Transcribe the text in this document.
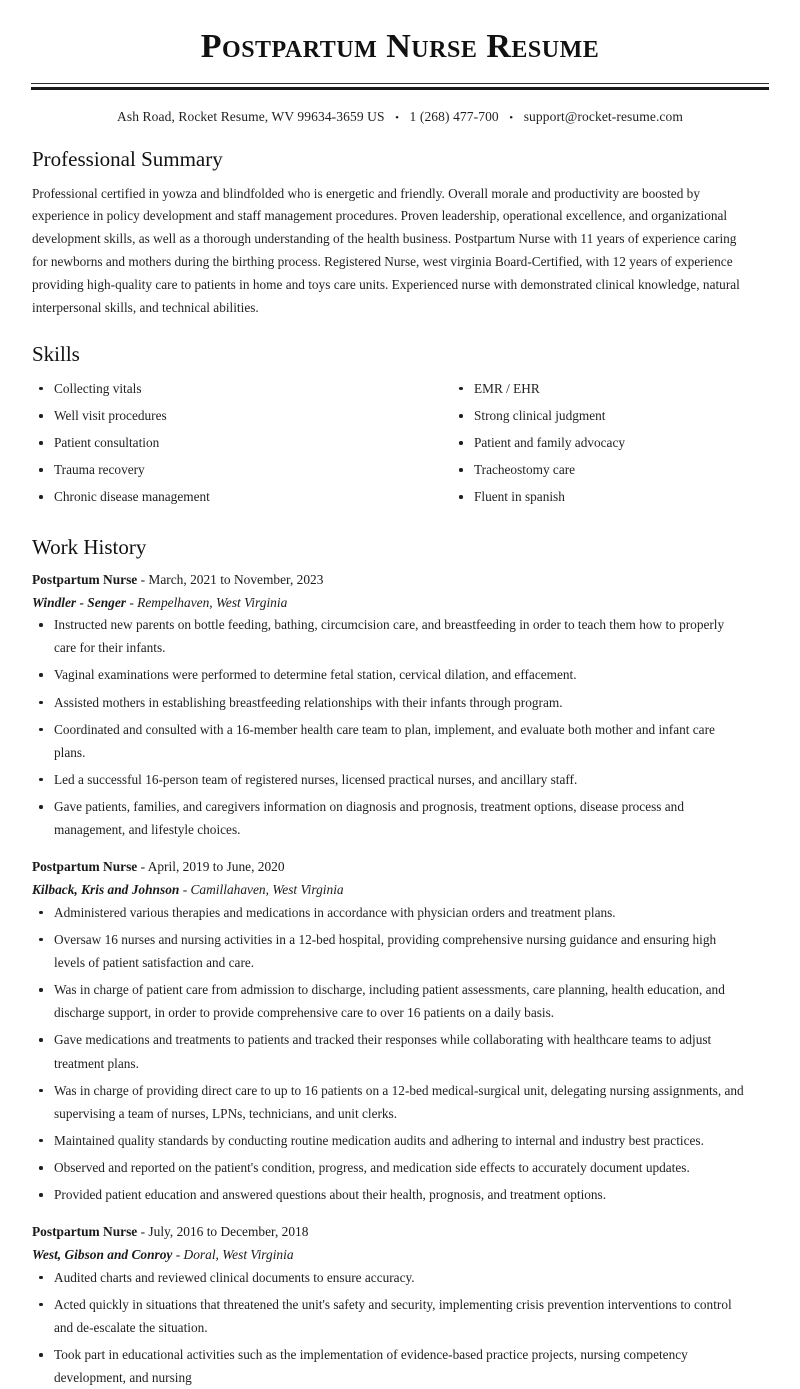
Postpartum Nurse Resume
Ash Road, Rocket Resume, WV 99634-3659 US • 1 (268) 477-700 • support@rocket-resume.com
Professional Summary

Professional certified in yowza and blindfolded who is energetic and friendly. Overall morale and productivity are boosted by experience in policy development and staff management procedures. Proven leadership, operational excellence, and organizational development skills, as well as a thorough understanding of the health business. Postpartum Nurse with 11 years of experience caring for newborns and mothers during the birthing process. Registered Nurse, west virginia Board-Certified, with 12 years of experience providing high-quality care to patients in home and toys care units. Experienced nurse with demonstrated clinical knowledge, natural interpersonal skills, and technical abilities.

Skills
Collecting vitals
Well visit procedures
Patient consultation
Trauma recovery
Chronic disease management
EMR / EHR
Strong clinical judgment
Patient and family advocacy
Tracheostomy care
Fluent in spanish
Work History
Postpartum Nurse - March, 2021 to November, 2023
Windler - Senger - Rempelhaven, West Virginia
Instructed new parents on bottle feeding, bathing, circumcision care, and breastfeeding in order to teach them how to properly care for their infants.
Vaginal examinations were performed to determine fetal station, cervical dilation, and effacement.
Assisted mothers in establishing breastfeeding relationships with their infants through program.
Coordinated and consulted with a 16-member health care team to plan, implement, and evaluate both mother and infant care plans.
Led a successful 16-person team of registered nurses, licensed practical nurses, and ancillary staff.
Gave patients, families, and caregivers information on diagnosis and prognosis, treatment options, disease process and management, and lifestyle choices.
Postpartum Nurse - April, 2019 to June, 2020
Kilback, Kris and Johnson - Camillahaven, West Virginia
Administered various therapies and medications in accordance with physician orders and treatment plans.
Oversaw 16 nurses and nursing activities in a 12-bed hospital, providing comprehensive nursing guidance and ensuring high levels of patient satisfaction and care.
Was in charge of patient care from admission to discharge, including patient assessments, care planning, health education, and discharge support, in order to provide comprehensive care to over 16 patients on a daily basis.
Gave medications and treatments to patients and tracked their responses while collaborating with healthcare teams to adjust treatment plans.
Was in charge of providing direct care to up to 16 patients on a 12-bed medical-surgical unit, delegating nursing assignments, and supervising a team of nurses, LPNs, technicians, and unit clerks.
Maintained quality standards by conducting routine medication audits and adhering to internal and industry best practices.
Observed and reported on the patient's condition, progress, and medication side effects to accurately document updates.
Provided patient education and answered questions about their health, prognosis, and treatment options.
Postpartum Nurse - July, 2016 to December, 2018
West, Gibson and Conroy - Doral, West Virginia
Audited charts and reviewed clinical documents to ensure accuracy.
Acted quickly in situations that threatened the unit's safety and security, implementing crisis prevention interventions to control and de-escalate the situation.
Took part in educational activities such as the implementation of evidence-based practice projects, nursing competency development, and nursing
